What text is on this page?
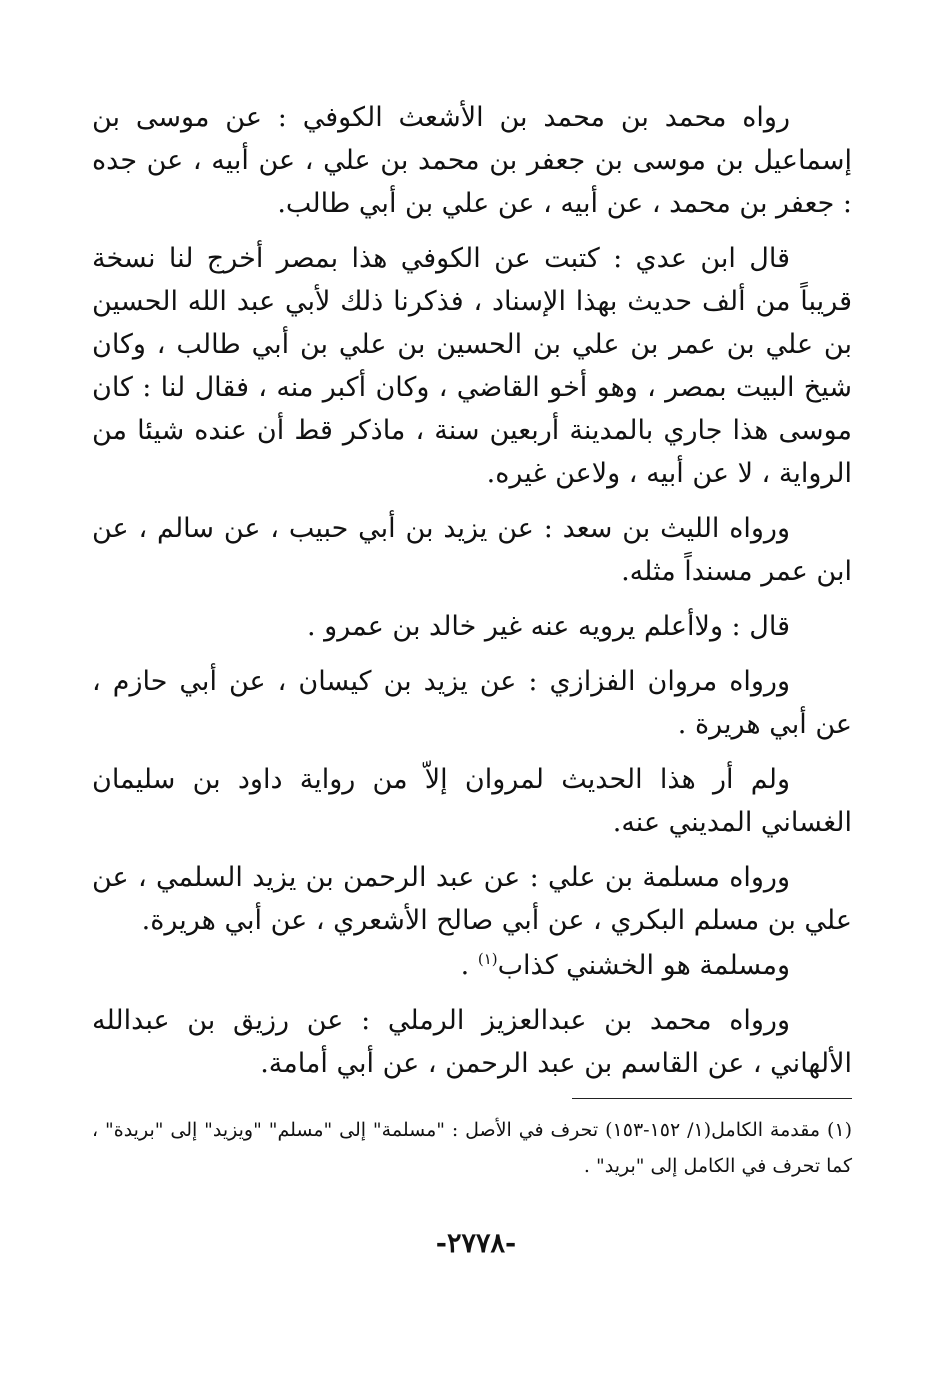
رواه محمد بن محمد بن الأشعث الكوفي : عن موسى بن إسماعيل بن موسى بن جعفر بن محمد بن علي ، عن أبيه ، عن جده : جعفر بن محمد ، عن أبيه ، عن علي بن أبي طالب.

قال ابن عدي : كتبت عن الكوفي هذا بمصر أخرج لنا نسخة قريباً من ألف حديث بهذا الإسناد ، فذكرنا ذلك لأبي عبد الله الحسين بن علي بن عمر بن علي بن الحسين بن علي بن أبي طالب ، وكان شيخ البيت بمصر ، وهو أخو القاضي ، وكان أكبر منه ، فقال لنا : كان موسى هذا جاري بالمدينة أربعين سنة ، ماذكر قط أن عنده شيئا من الرواية ، لا عن أبيه ، ولاعن غيره.

ورواه الليث بن سعد : عن يزيد بن أبي حبيب ، عن سالم ، عن ابن عمر مسنداً مثله.

قال : ولاأعلم يرويه عنه غير خالد بن عمرو .

ورواه مروان الفزازي : عن يزيد بن كيسان ، عن أبي حازم ، عن أبي هريرة .

ولم أر هذا الحديث لمروان إلاّ من رواية داود بن سليمان الغساني المديني عنه.

ورواه مسلمة بن علي : عن عبد الرحمن بن يزيد السلمي ، عن علي بن مسلم البكري ، عن أبي صالح الأشعري ، عن أبي هريرة.

ومسلمة هو الخشني كذاب$^{(١)}$ .

ورواه محمد بن عبدالعزيز الرملي : عن رزيق بن عبدالله الألهاني ، عن القاسم بن عبد الرحمن ، عن أبي أمامة.

(١) مقدمة الكامل(١/ ١٥٢-١٥٣) تحرف في الأصل : "مسلمة" إلى "مسلم" "ويزيد" إلى "بريدة" ، كما تحرف في الكامل إلى "بريد" .
-٢٧٧٨-
